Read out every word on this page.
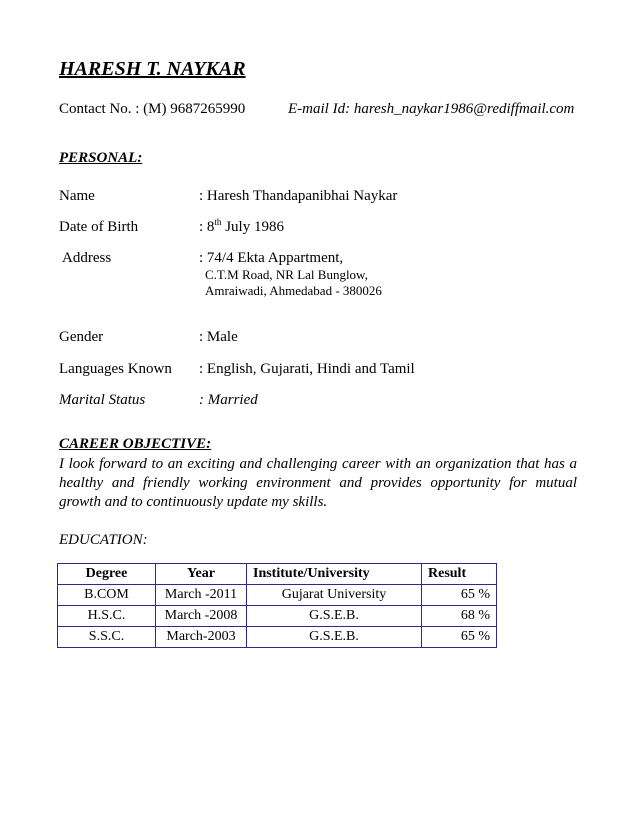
HARESH T. NAYKAR
Contact No. : (M) 9687265990	E-mail Id: haresh_naykar1986@rediffmail.com
PERSONAL:
Name	: Haresh Thandapanibhai Naykar
Date of Birth	: 8th July 1986
Address	: 74/4 Ekta Appartment,
C.T.M Road, NR Lal Bunglow,
Amraiwadi, Ahmedabad - 380026
Gender	: Male
Languages Known : English, Gujarati, Hindi and Tamil
Marital Status	: Married
CAREER OBJECTIVE:
I look forward to an exciting and challenging career with an organization that has a healthy and friendly working environment and provides opportunity for mutual growth and to continuously update my skills.
EDUCATION:
Degree	Year	Institute/University	Result
B.COM	March -2011	Gujarat University	65 %
H.S.C.	March -2008	G.S.E.B.	68 %
S.S.C.	March-2003	G.S.E.B.	65 %
